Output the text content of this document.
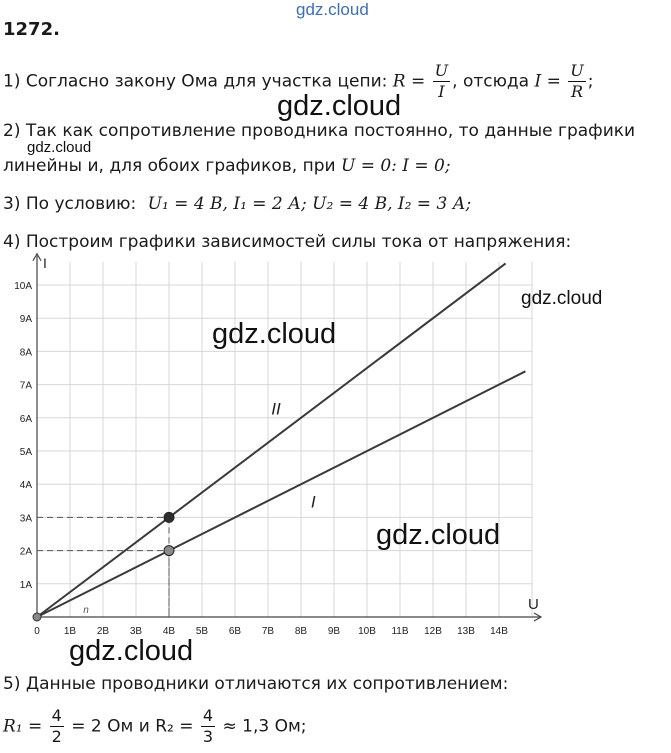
gdz.cloud
1272.
1) Согласно закону Ома для участка цепи: $R = \frac{U}{I}$ , отсюда $I = \frac{U}{R}$ ;
gdz.cloud
2) Так как сопротивление проводника постоянно, то данные графики
gdz.cloud
линейны и, для обоих графиков, при U = 0: I = 0;
3) По условию: U₁ = 4 В, I₁ = 2 А; U₂ = 4 В, I₂ = 3 А;
4) Построим графики зависимостей силы тока от напряжения:
U
I
0 1В 2В 3В 4В 5В 6В 7В 8В 9В 10В 11В 12В 13В 14В
1А
2А
3А
4А
5А
6А
7А
8А
9А
10А
I
II
n
gdz.cloud
gdz.cloud
gdz.cloud
gdz.cloud
5) Данные проводники отличаются их сопротивлением:
$R_1 = \frac{4}{2} = 2$ Ом и $R_2 = \frac{4}{3} \approx 1,3$ Ом;
